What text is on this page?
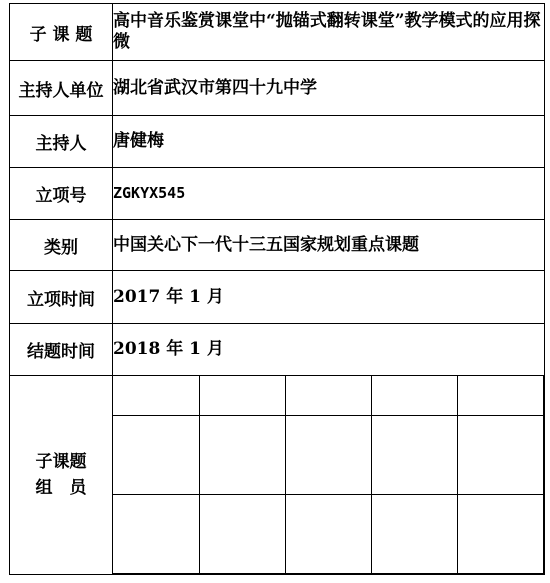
子 课 题	高中音乐鉴赏课堂中“抛锚式翻转课堂”教学模式的应用探微
主持人单位	湖北省武汉市第四十九中学
主持人	唐健梅
立项号	ZGKYX545
类别	中国关心下一代十三五国家规划重点课题
立项时间	2017 年 1 月
结题时间	2018 年 1 月

子课题
组　员
